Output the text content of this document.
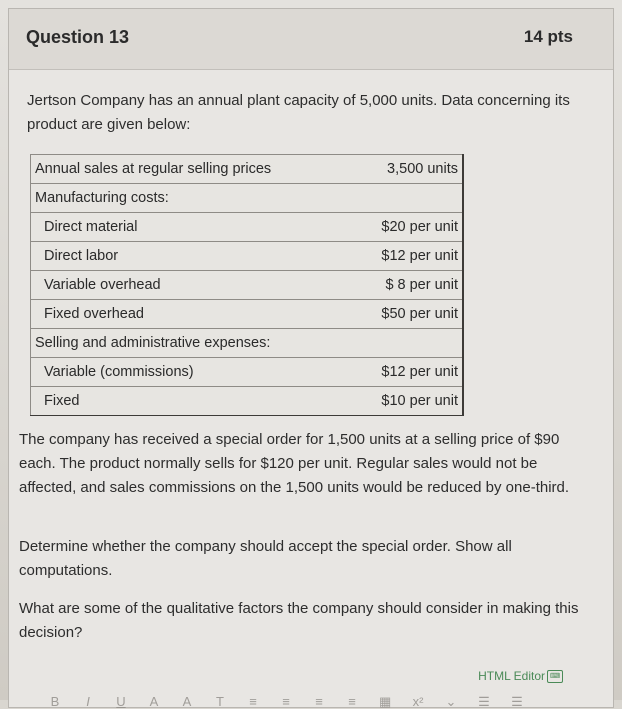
Question 13	14 pts
Jertson Company has an annual plant capacity of 5,000 units. Data concerning its product are given below:
Annual sales at regular selling prices	3,500 units
Manufacturing costs:	
Direct material	$20 per unit
Direct labor	$12 per unit
Variable overhead	$ 8 per unit
Fixed overhead	$50 per unit
Selling and administrative expenses:	
Variable (commissions)	$12 per unit
Fixed	$10 per unit
The company has received a special order for 1,500 units at a selling price of $90 each. The product normally sells for $120 per unit. Regular sales would not be affected, and sales commissions on the 1,500 units would be reduced by one-third.
Determine whether the company should accept the special order. Show all computations.
What are some of the qualitative factors the company should consider in making this decision?
HTML Editor ⌨
B	I	U A A T ≡ ≡ ≡ ≡ ▦ x² ⌄ ☰ ☰
